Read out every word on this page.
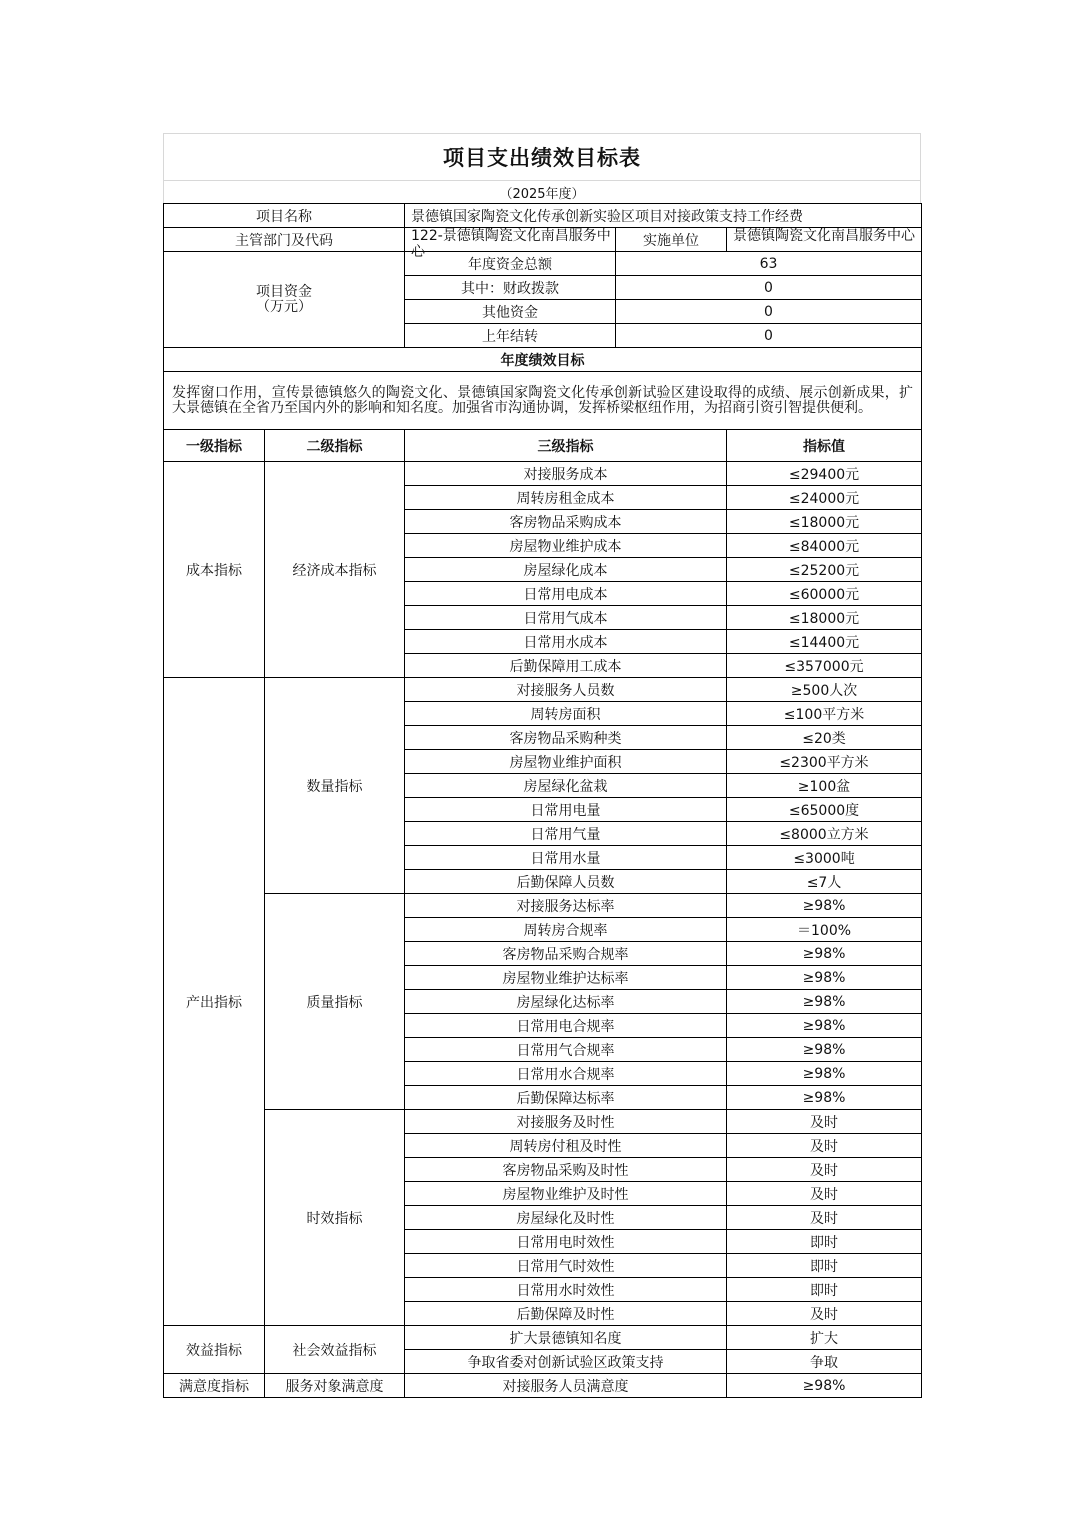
项目支出绩效目标表
（2025年度）
项目名称		景德镇国家陶瓷文化传承创新实验区项目对接政策支持工作经费		
主管部门及代码		122-景德镇陶瓷文化南昌服务中心	实施单位	景德镇陶瓷文化南昌服务中心

项目资金
（万元）		年度资金总额	63	
		其中：财政拨款	0	
		其他资金	0	
		上年结转	0	
年度绩效目标				
发挥窗口作用，宣传景德镇悠久的陶瓷文化、景德镇国家陶瓷文化传承创新试验区建设取得的成绩、展示创新成果，扩大景德镇在全省乃至国内外的影响和知名度。加强省市沟通协调，发挥桥梁枢纽作用，为招商引资引智提供便利。				
一级指标	二级指标	三级指标		指标值
成本指标	经济成本指标	对接服务成本		≤29400元
		周转房租金成本		≤24000元
		客房物品采购成本		≤18000元
		房屋物业维护成本		≤84000元
		房屋绿化成本		≤25200元
		日常用电成本		≤60000元
		日常用气成本		≤18000元
		日常用水成本		≤14400元
		后勤保障用工成本		≤357000元
产出指标	数量指标	对接服务人员数		≥500人次
		周转房面积		≤100平方米
		客房物品采购种类		≤20类
		房屋物业维护面积		≤2300平方米
		房屋绿化盆栽		≥100盆
		日常用电量		≤65000度
		日常用气量		≤8000立方米
		日常用水量		≤3000吨
		后勤保障人员数		≤7人
	质量指标	对接服务达标率		≥98%
		周转房合规率		＝100%
		客房物品采购合规率		≥98%
		房屋物业维护达标率		≥98%
		房屋绿化达标率		≥98%
		日常用电合规率		≥98%
		日常用气合规率		≥98%
		日常用水合规率		≥98%
		后勤保障达标率		≥98%
	时效指标	对接服务及时性		及时
		周转房付租及时性		及时
		客房物品采购及时性		及时
		房屋物业维护及时性		及时
		房屋绿化及时性		及时
		日常用电时效性		即时
		日常用气时效性		即时
		日常用水时效性		即时
		后勤保障及时性		及时
效益指标	社会效益指标	扩大景德镇知名度		扩大
		争取省委对创新试验区政策支持		争取
满意度指标	服务对象满意度	对接服务人员满意度		≥98%
